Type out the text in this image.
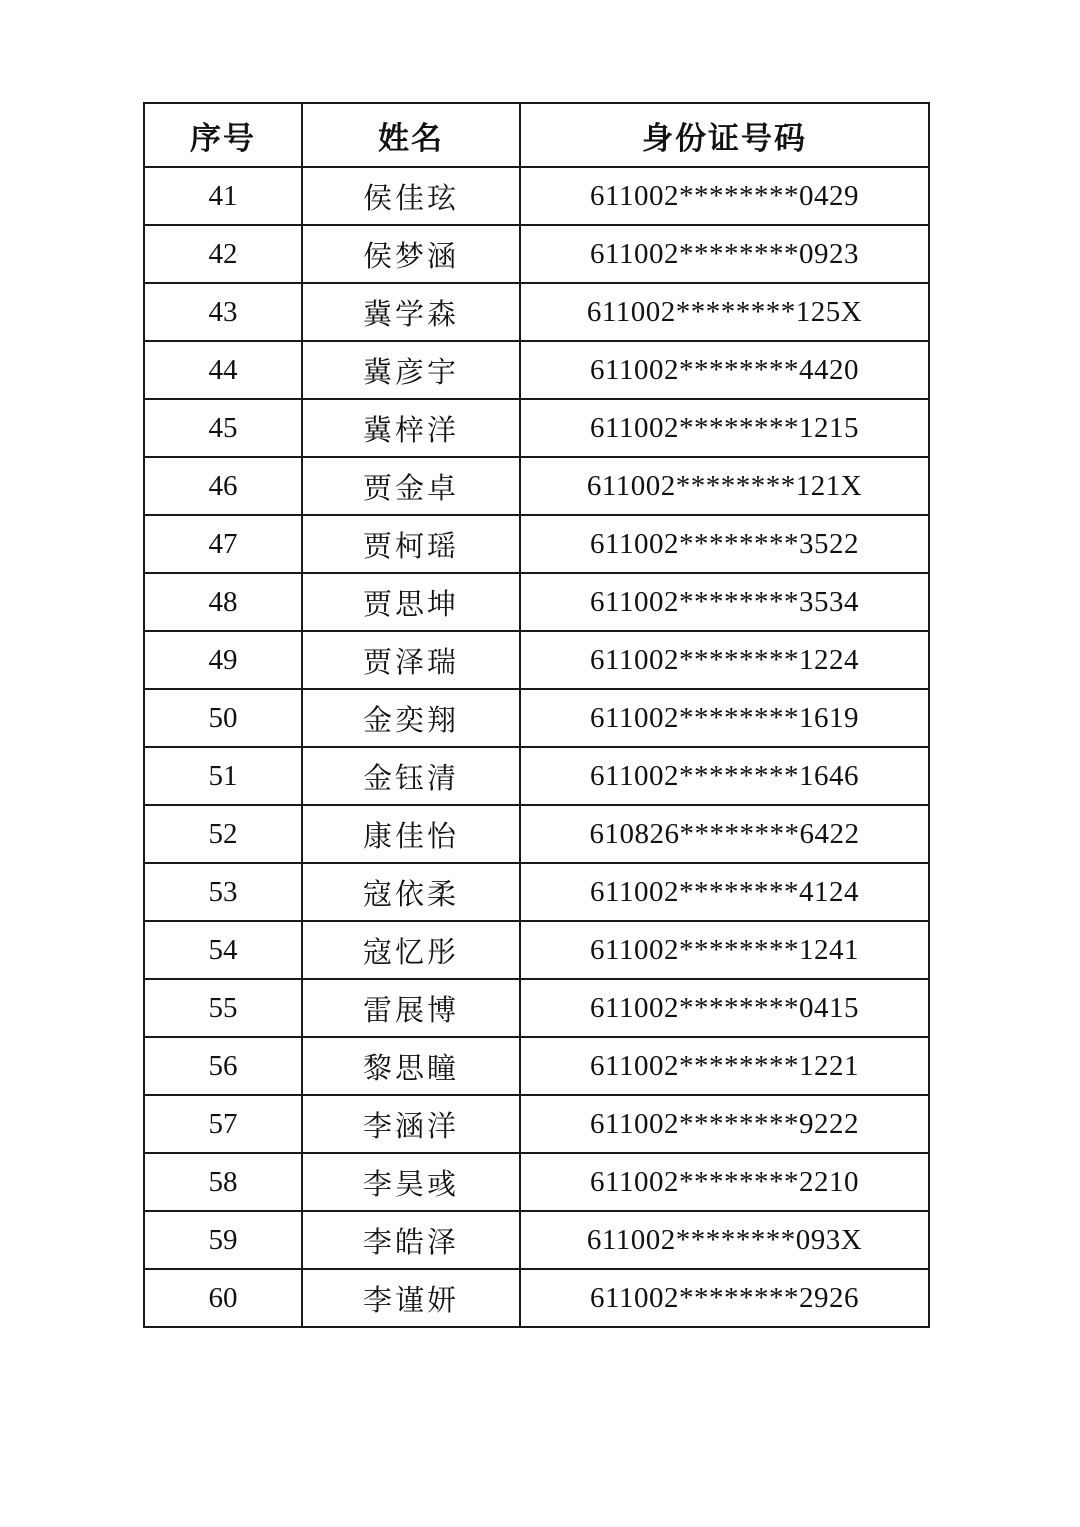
序号	姓名	身份证号码
41	侯佳玹	611002********0429
42	侯梦涵	611002********0923
43	冀学森	611002********125X
44	冀彦宇	611002********4420
45	冀梓洋	611002********1215
46	贾金卓	611002********121X
47	贾柯瑶	611002********3522
48	贾思坤	611002********3534
49	贾泽瑞	611002********1224
50	金奕翔	611002********1619
51	金钰清	611002********1646
52	康佳怡	610826********6422
53	寇依柔	611002********4124
54	寇忆彤	611002********1241
55	雷展博	611002********0415
56	黎思瞳	611002********1221
57	李涵洋	611002********9222
58	李昊彧	611002********2210
59	李皓泽	611002********093X
60	李谨妍	611002********2926
